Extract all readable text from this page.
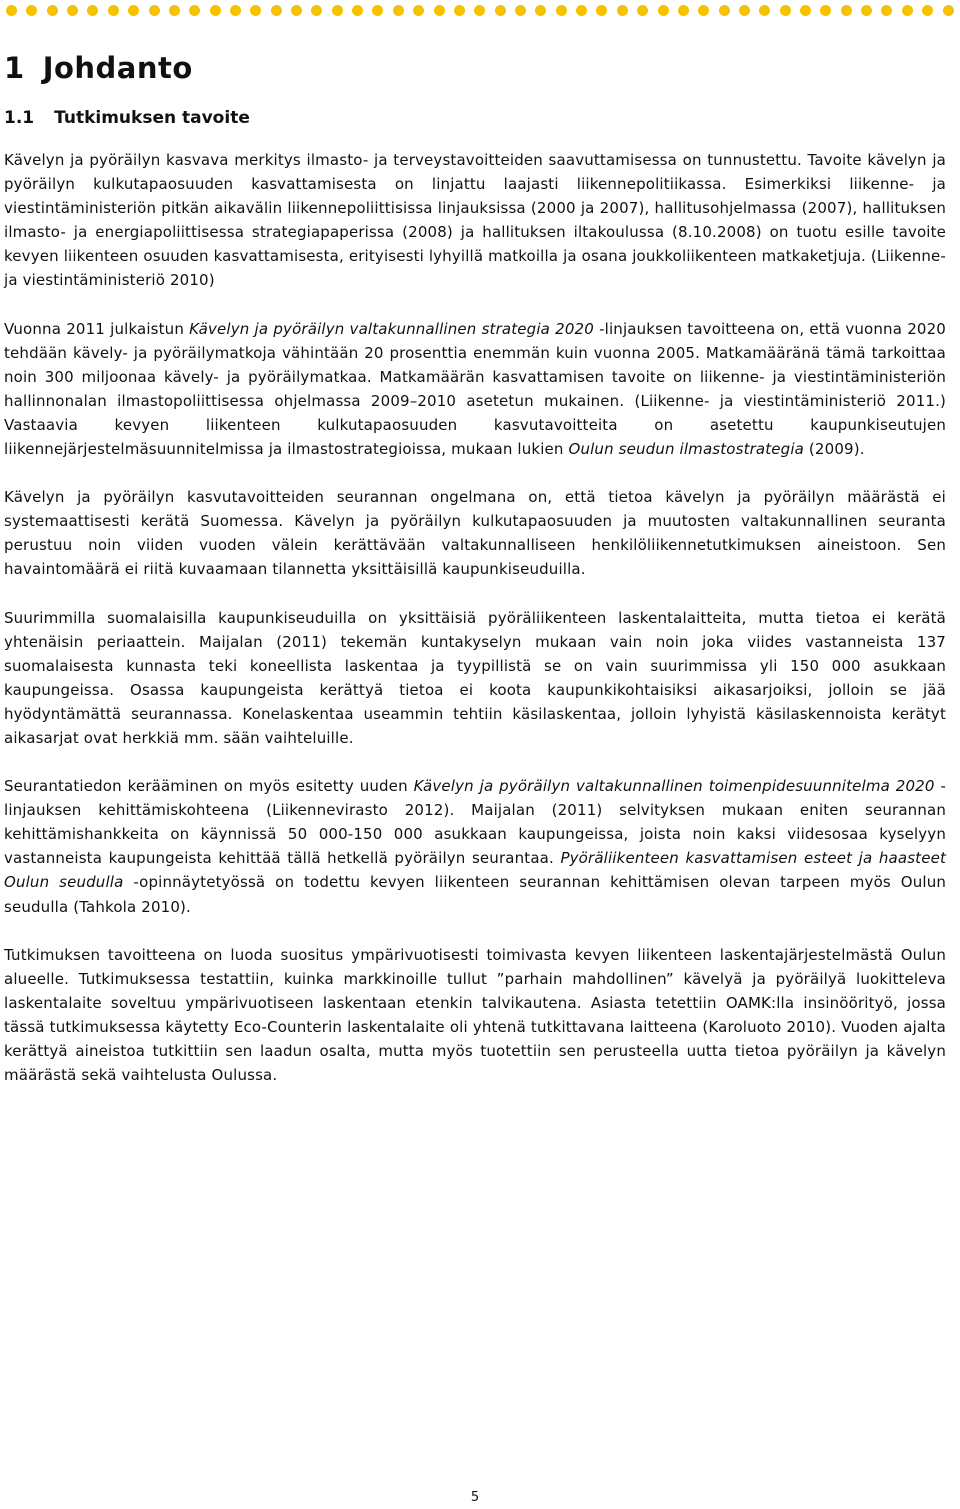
1 Johdanto
1.1 Tutkimuksen tavoite

Kävelyn ja pyöräilyn kasvava merkitys ilmasto- ja terveystavoitteiden saavuttamisessa on tunnustettu. Tavoite kävelyn ja pyöräilyn kulkutapaosuuden kasvattamisesta on linjattu laajasti liikennepolitiikassa. Esimerkiksi liikenne- ja viestintäministeriön pitkän aikavälin liikennepoliittisissa linjauksissa (2000 ja 2007), hallitusohjelmassa (2007), hallituksen ilmasto- ja energiapoliittisessa strategiapaperissa (2008) ja hallituksen iltakoulussa (8.10.2008) on tuotu esille tavoite kevyen liikenteen osuuden kasvattamisesta, erityisesti lyhyillä matkoilla ja osana joukkoliikenteen matkaketjuja. (Liikenne- ja viestintäministeriö 2010)

Vuonna 2011 julkaistun Kävelyn ja pyöräilyn valtakunnallinen strategia 2020 -linjauksen tavoitteena on, että vuonna 2020 tehdään kävely- ja pyöräilymatkoja vähintään 20 prosenttia enemmän kuin vuonna 2005. Matkamääränä tämä tarkoittaa noin 300 miljoonaa kävely- ja pyöräilymatkaa. Matkamäärän kasvattamisen tavoite on liikenne- ja viestintäministeriön hallinnonalan ilmastopoliittisessa ohjelmassa 2009–2010 asetetun mukainen. (Liikenne- ja viestintäministeriö 2011.) Vastaavia kevyen liikenteen kulkutapaosuuden kasvutavoitteita on asetettu kaupunkiseutujen liikennejärjestelmäsuunnitelmissa ja ilmastostrategioissa, mukaan lukien Oulun seudun ilmastostrategia (2009).

Kävelyn ja pyöräilyn kasvutavoitteiden seurannan ongelmana on, että tietoa kävelyn ja pyöräilyn määrästä ei systemaattisesti kerätä Suomessa. Kävelyn ja pyöräilyn kulkutapaosuuden ja muutosten valtakunnallinen seuranta perustuu noin viiden vuoden välein kerättävään valtakunnalliseen henkilöliikennetutkimuksen aineistoon. Sen havaintomäärä ei riitä kuvaamaan tilannetta yksittäisillä kaupunkiseuduilla.

Suurimmilla suomalaisilla kaupunkiseuduilla on yksittäisiä pyöräliikenteen laskentalaitteita, mutta tietoa ei kerätä yhtenäisin periaattein. Maijalan (2011) tekemän kuntakyselyn mukaan vain noin joka viides vastanneista 137 suomalaisesta kunnasta teki koneellista laskentaa ja tyypillistä se on vain suurimmissa yli 150 000 asukkaan kaupungeissa. Osassa kaupungeista kerättyä tietoa ei koota kaupunkikohtaisiksi aikasarjoiksi, jolloin se jää hyödyntämättä seurannassa. Konelaskentaa useammin tehtiin käsilaskentaa, jolloin lyhyistä käsilaskennoista kerätyt aikasarjat ovat herkkiä mm. sään vaihteluille.

Seurantatiedon kerääminen on myös esitetty uuden Kävelyn ja pyöräilyn valtakunnallinen toimenpidesuunnitelma 2020 -linjauksen kehittämiskohteena (Liikennevirasto 2012). Maijalan (2011) selvityksen mukaan eniten seurannan kehittämishankkeita on käynnissä 50 000-150 000 asukkaan kaupungeissa, joista noin kaksi viidesosaa kyselyyn vastanneista kaupungeista kehittää tällä hetkellä pyöräilyn seurantaa. Pyöräliikenteen kasvattamisen esteet ja haasteet Oulun seudulla -opinnäytetyössä on todettu kevyen liikenteen seurannan kehittämisen olevan tarpeen myös Oulun seudulla (Tahkola 2010).

Tutkimuksen tavoitteena on luoda suositus ympärivuotisesti toimivasta kevyen liikenteen laskentajärjestelmästä Oulun alueelle. Tutkimuksessa testattiin, kuinka markkinoille tullut ”parhain mahdollinen” kävelyä ja pyöräilyä luokitteleva laskentalaite soveltuu ympärivuotiseen laskentaan etenkin talvikautena. Asiasta tetettiin OAMK:lla insinöörityö, jossa tässä tutkimuksessa käytetty Eco-Counterin laskentalaite oli yhtenä tutkittavana laitteena (Karoluoto 2010). Vuoden ajalta kerättyä aineistoa tutkittiin sen laadun osalta, mutta myös tuotettiin sen perusteella uutta tietoa pyöräilyn ja kävelyn määrästä sekä vaihtelusta Oulussa.

5
